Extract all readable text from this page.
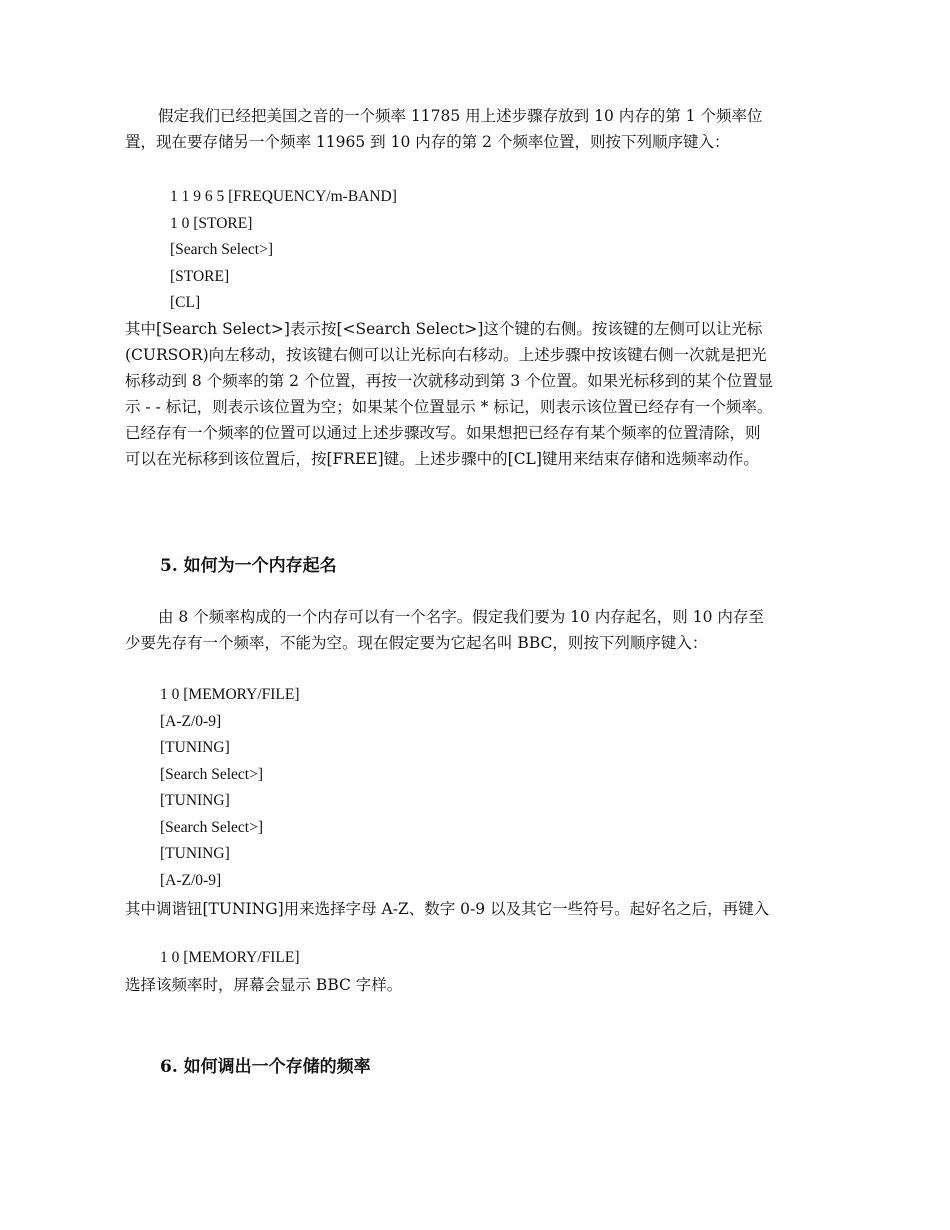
假定我们已经把美国之音的一个频率 11785 用上述步骤存放到 10 内存的第 1 个频率位置，现在要存储另一个频率 11965 到 10 内存的第 2 个频率位置，则按下列顺序键入：

1 1 9 6 5 [FREQUENCY/m-BAND]
1 0 [STORE]
[Search Select>]
[STORE]
[CL]

其中[Search Select>]表示按[<Search Select>]这个键的右侧。按该键的左侧可以让光标(CURSOR)向左移动，按该键右侧可以让光标向右移动。上述步骤中按该键右侧一次就是把光标移动到 8 个频率的第 2 个位置，再按一次就移动到第 3 个位置。如果光标移到的某个位置显示 - - 标记，则表示该位置为空；如果某个位置显示 * 标记，则表示该位置已经存有一个频率。已经存有一个频率的位置可以通过上述步骤改写。如果想把已经存有某个频率的位置清除，则可以在光标移到该位置后，按[FREE]键。上述步骤中的[CL]键用来结束存储和选频率动作。

5. 如何为一个内存起名

由 8 个频率构成的一个内存可以有一个名字。假定我们要为 10 内存起名，则 10 内存至少要先存有一个频率，不能为空。现在假定要为它起名叫 BBC，则按下列顺序键入：

1 0 [MEMORY/FILE]
[A-Z/0-9]
[TUNING]
[Search Select>]
[TUNING]
[Search Select>]
[TUNING]
[A-Z/0-9]

其中调谐钮[TUNING]用来选择字母 A-Z、数字 0-9 以及其它一些符号。起好名之后，再键入

1 0 [MEMORY/FILE]

选择该频率时，屏幕会显示 BBC 字样。

6. 如何调出一个存储的频率
